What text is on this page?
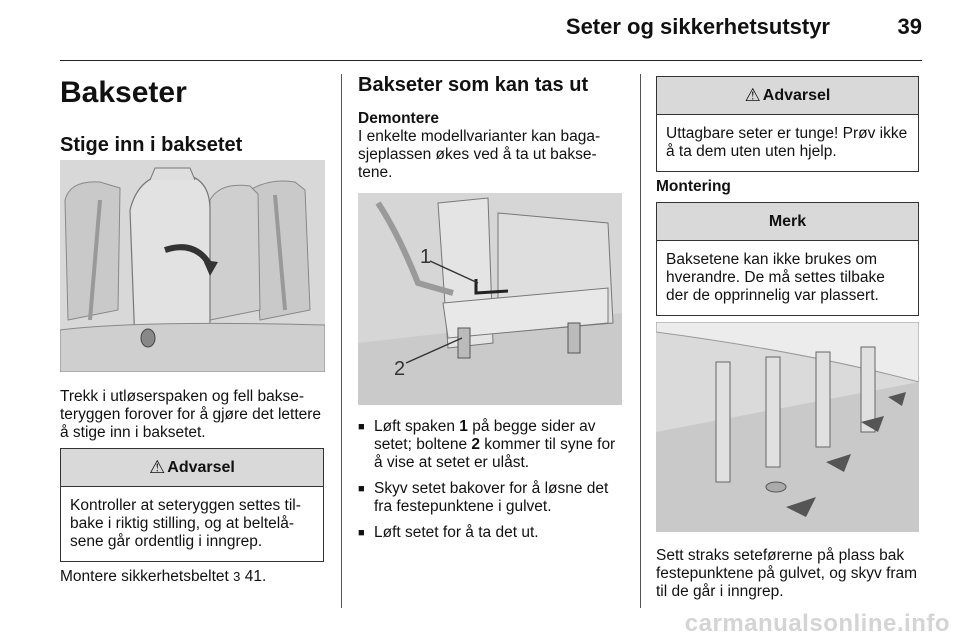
Seter og sikkerhetsutstyr	39
Bakseter
Stige inn i baksetet
Trekk i utløserspaken og fell bakseteryggen forover for å gjøre det lettere å stige inn i baksetet.
⚠ Advarsel
Kontroller at seteryggen settes tilbake i riktig stilling, og at beltelåsene går ordentlig i inngrep.
Montere sikkerhetsbeltet 3 41.
Bakseter som kan tas ut
Demontere
I enkelte modellvarianter kan bagasjeplassen økes ved å ta ut baksetene.
1
2
■ Løft spaken 1 på begge sider av setet; boltene 2 kommer til syne for å vise at setet er ulåst.
■ Skyv setet bakover for å løsne det fra festepunktene i gulvet.
■ Løft setet for å ta det ut.
⚠ Advarsel
Uttagbare seter er tunge! Prøv ikke å ta dem uten uten hjelp.
Montering
Merk
Baksetene kan ikke brukes om hverandre. De må settes tilbake der de opprinnelig var plassert.
Sett straks seteførerne på plass bak festepunktene på gulvet, og skyv fram til de går i inngrep.
carmanualsonline.info
